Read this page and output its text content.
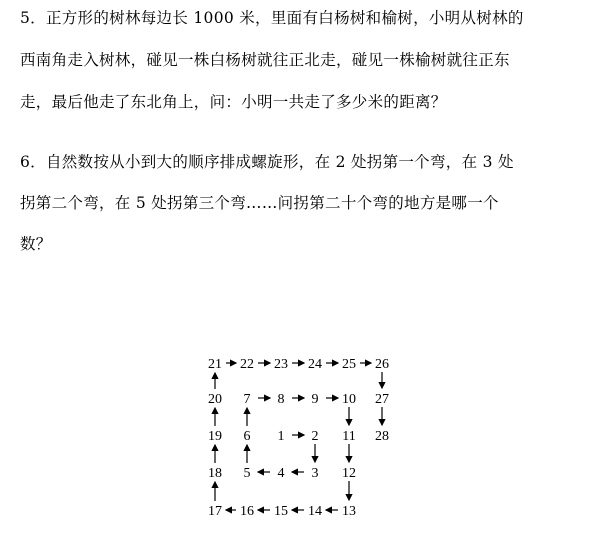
5．正方形的树林每边长 1000 米，里面有白杨树和榆树，小明从树林的
西南角走入树林，碰见一株白杨树就往正北走，碰见一株榆树就往正东
走，最后他走了东北角上，问：小明一共走了多少米的距离？
6．自然数按从小到大的顺序排成螺旋形，在 2 处拐第一个弯，在 3 处
拐第二个弯，在 5 处拐第三个弯……问拐第二十个弯的地方是哪一个
数？
1 2
3
4
5
6
7 8 9 10
11
12
13
14
15
16
17
18
19
20
21 22 23 24 25 26
27
28
